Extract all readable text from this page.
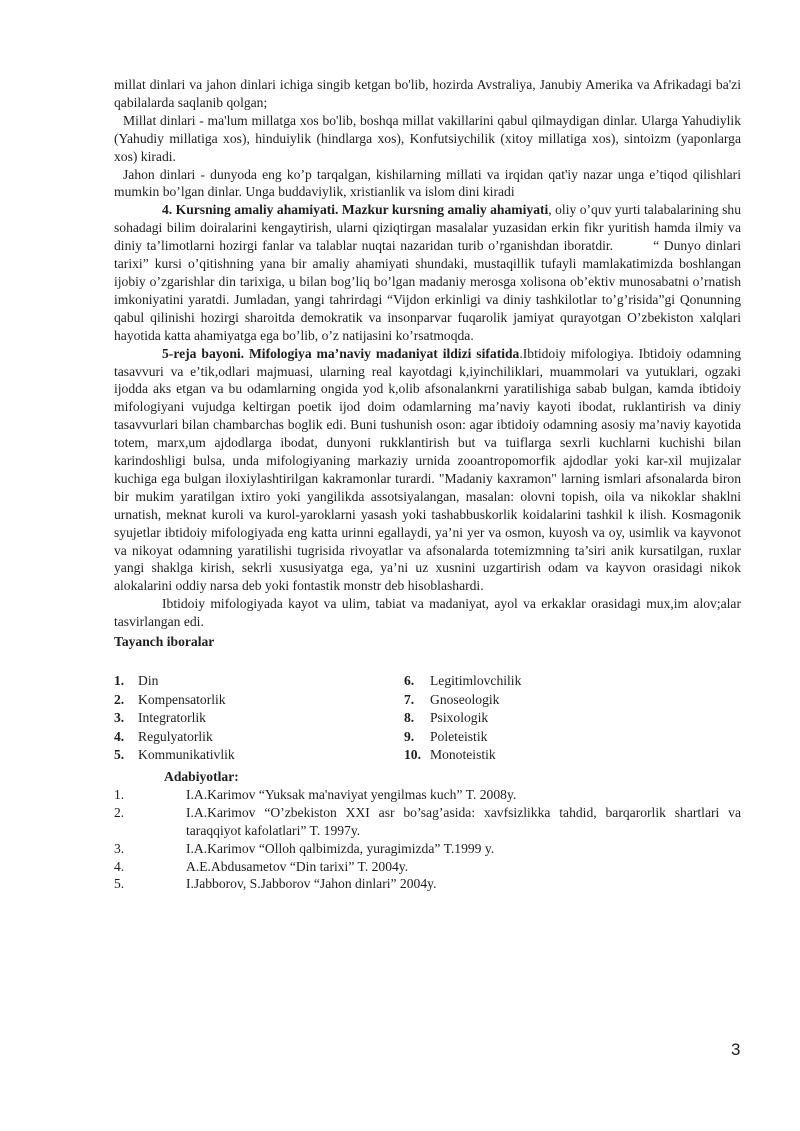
millat dinlari va jahon dinlari ichiga singib ketgan bo'lib, hozirda Avstraliya, Janubiy Amerika va Afrikadagi ba'zi qabilalarda saqlanib qolgan;

Millat dinlari - ma'lum millatga xos bo'lib, boshqa millat vakillarini qabul qilmaydigan dinlar. Ularga Yahudiylik (Yahudiy millatiga xos), hinduiylik (hindlarga xos), Konfutsiychilik (xitoy millatiga xos), sintoizm (yaponlarga xos) kiradi.

Jahon dinlari - dunyoda eng ko’p tarqalgan, kishilarning millati va irqidan qat'iy nazar unga e’tiqod qilishlari mumkin bo’lgan dinlar. Unga buddaviylik, xristianlik va islom dini kiradi

4. Kursning amaliy ahamiyati. Mazkur kursning amaliy ahamiyati, oliy o’quv yurti talabalarining shu sohadagi bilim doiralarini kengaytirish, ularni qiziqtirgan masalalar yuzasidan erkin fikr yuritish hamda ilmiy va diniy ta’limotlarni hozirgi fanlar va talablar nuqtai nazaridan turib o’rganishdan iboratdir.	“ Dunyo dinlari tarixi” kursi o’qitishning yana bir amaliy ahamiyati shundaki, mustaqillik tufayli mamlakatimizda boshlangan ijobiy o’zgarishlar din tarixiga, u bilan bog’liq bo’lgan madaniy merosga xolisona ob’ektiv munosabatni o’rnatish imkoniyatini yaratdi. Jumladan, yangi tahrirdagi “Vijdon erkinligi va diniy tashkilotlar to’g’risida”gi Qonunning qabul qilinishi hozirgi sharoitda demokratik va insonparvar fuqarolik jamiyat qurayotgan O’zbekiston xalqlari hayotida katta ahamiyatga ega bo’lib, o’z natijasini ko’rsatmoqda.

5-reja bayoni. Mifologiya ma’naviy madaniyat ildizi sifatida.Ibtidoiy mifologiya. Ibtidoiy odamning tasavvuri va e’tik,odlari majmuasi, ularning real kayotdagi k,iyinchiliklari, muammolari va yutuklari, ogzaki ijodda aks etgan va bu odamlarning ongida yod k,olib afsonalankrni yaratilishiga sabab bulgan, kamda ibtidoiy mifologiyani vujudga keltirgan poetik ijod doim odamlarning ma’naviy kayoti ibodat, ruklantirish va diniy tasavvurlari bilan chambarchas boglik edi. Buni tushunish oson: agar ibtidoiy odamning asosiy ma’naviy kayotida totem, marx,um ajdodlarga ibodat, dunyoni rukklantirish but va tuiflarga sexrli kuchlarni kuchishi bilan karindoshligi bulsa, unda mifologiyaning markaziy urnida zooantropomorfik ajdodlar yoki kar-xil mujizalar kuchiga ega bulgan iloxiylashtirilgan kakramonlar turardi. "Madaniy kaxramon" larning ismlari afsonalarda biron bir mukim yaratilgan ixtiro yoki yangilikda assotsiyalangan, masalan: olovni topish, oila va nikoklar shaklni urnatish, meknat kuroli va kurol-yaroklarni yasash yoki tashabbuskorlik koidalarini tashkil k ilish. Kosmagonik syujetlar ibtidoiy mifologiyada eng katta urinni egallaydi, ya’ni yer va osmon, kuyosh va oy, usimlik va kayvonot va nikoyat odamning yaratilishi tugrisida rivoyatlar va afsonalarda totemizmning ta’siri anik kursatilgan, ruxlar yangi shaklga kirish, sekrli xususiyatga ega, ya’ni uz xusnini uzgartirish odam va kayvon orasidagi nikok alokalarini oddiy narsa deb yoki fontastik monstr deb hisoblashardi.

Ibtidoiy mifologiyada kayot va ulim, tabiat va madaniyat, ayol va erkaklar orasidagi mux,im alov;alar tasvirlangan edi.

Tayanch iboralar

1. Din
2. Kompensatorlik
3. Integratorlik
4. Regulyatorlik
5. Kommunikativlik
6. Legitimlovchilik
7. Gnoseologik
8. Psixologik
9. Poleteistik
10. Monoteistik

Adabiyotlar:

1.	I.A.Karimov “Yuksak ma'naviyat yengilmas kuch” T. 2008y.

2.	I.A.Karimov “O’zbekiston XXI asr bo’sag’asida: xavfsizlikka tahdid, barqarorlik shartlari va taraqqiyot kafolatlari” T. 1997y.

3.	I.A.Karimov “Olloh qalbimizda, yuragimizda” T.1999 y.

4.	A.E.Abdusametov “Din tarixi” T. 2004y.

5.	I.Jabborov, S.Jabborov “Jahon dinlari” 2004y.

3
